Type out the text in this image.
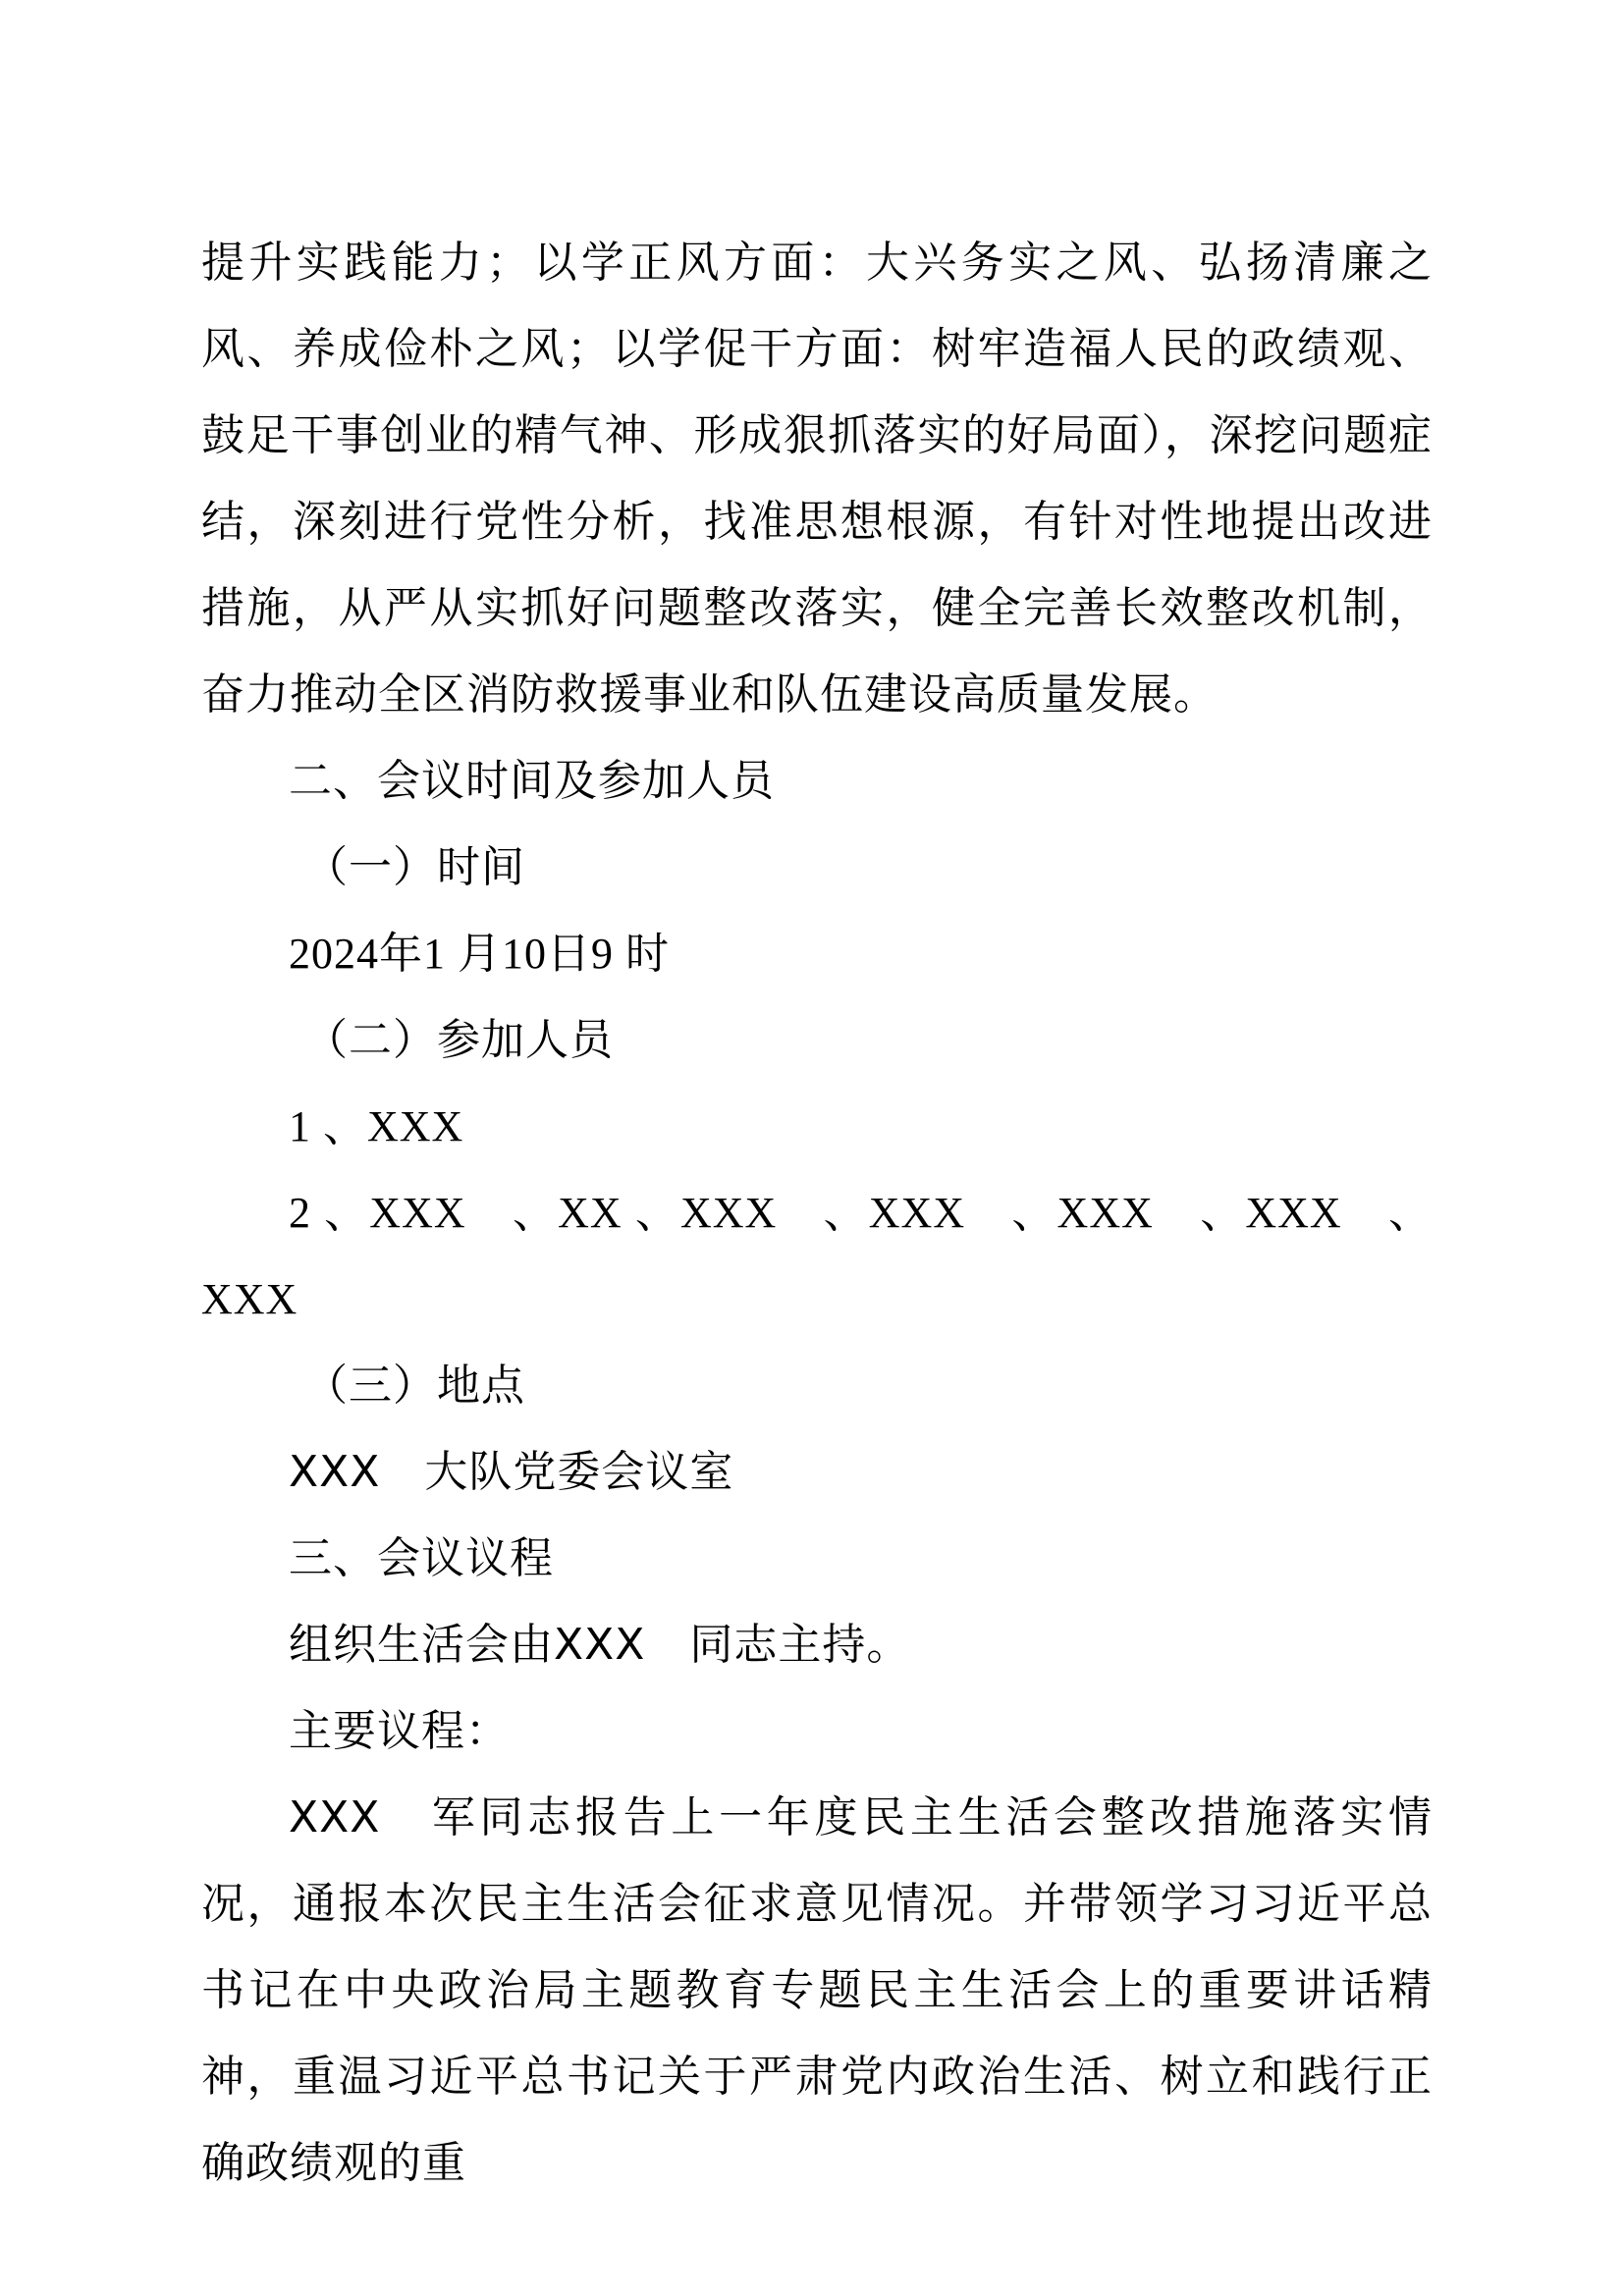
提升实践能力；以学正风方面：大兴务实之风、弘扬清廉之风、养成俭朴之风；以学促干方面：树牢造福人民的政绩观、鼓足干事创业的精气神、形成狠抓落实的好局面），深挖问题症结，深刻进行党性分析，找准思想根源，有针对性地提出改进措施，从严从实抓好问题整改落实，健全完善长效整改机制，奋力推动全区消防救援事业和队伍建设高质量发展。

二、会议时间及参加人员
（一）时间
2024年1 月10日9 时
（二）参加人员
1 、XXX

2 、XXX　、XX 、XXX　、XXX　、XXX　、XXX　、XXX

（三）地点
XXX　大队党委会议室
三、会议议程
组织生活会由XXX　同志主持。
主要议程：

XXX　军同志报告上一年度民主生活会整改措施落实情况，通报本次民主生活会征求意见情况。并带领学习习近平总书记在中央政治局主题教育专题民主生活会上的重要讲话精神，重温习近平总书记关于严肃党内政治生活、树立和践行正确政绩观的重
